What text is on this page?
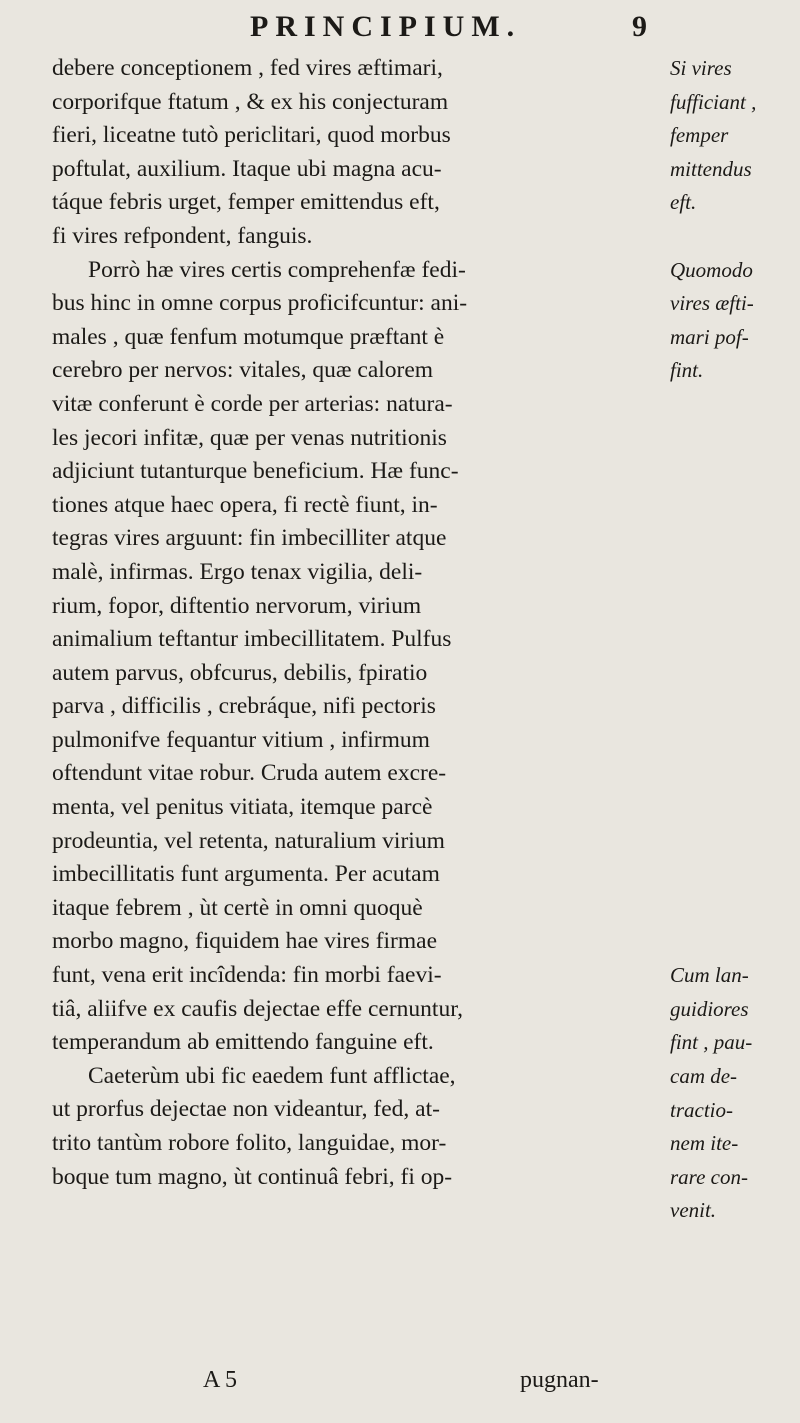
PRINCIPIUM.	9
debere conceptionem , fed vires æftimari,
corporifque ftatum , & ex his conjecturam
fieri, liceatne tutò periclitari, quod morbus
poftulat, auxilium. Itaque ubi magna acu-
táque febris urget, femper emittendus eft,
fi vires refpondent, fanguis.
Porrò hæ vires certis comprehenfæ fedi-
bus hinc in omne corpus proficifcuntur: ani-
males , quæ fenfum motumque præftant è
cerebro per nervos: vitales, quæ calorem
vitæ conferunt è corde per arterias: natura-
les jecori infitæ, quæ per venas nutritionis
adjiciunt tutanturque beneficium. Hæ func-
tiones atque haec opera, fi rectè fiunt, in-
tegras vires arguunt: fin imbecilliter atque
malè, infirmas. Ergo tenax vigilia, deli-
rium, fopor, diftentio nervorum, virium
animalium teftantur imbecillitatem. Pulfus
autem parvus, obfcurus, debilis, fpiratio
parva , difficilis , crebráque, nifi pectoris
pulmonifve fequantur vitium , infirmum
oftendunt vitae robur. Cruda autem excre-
menta, vel penitus vitiata, itemque parcè
prodeuntia, vel retenta, naturalium virium
imbecillitatis funt argumenta. Per acutam
itaque febrem , ùt certè in omni quoquè
morbo magno, fiquidem hae vires firmae
funt, vena erit incîdenda: fin morbi faevi-
tiâ, aliifve ex caufis dejectae effe cernuntur,
temperandum ab emittendo fanguine eft.
Caeterùm ubi fic eaedem funt afflictae,
ut prorfus dejectae non videantur, fed, at-
trito tantùm robore folito, languidae, mor-
boque tum magno, ùt continuâ febri, fi op-
Si vires
fufficiant ,
femper
mittendus
eft.
Quomodo
vires æfti-
mari pof-
fint.
Cum lan-
guidiores
fint , pau-
cam de-
tractio-
nem ite-
rare con-
venit.
A 5	pugnan-
